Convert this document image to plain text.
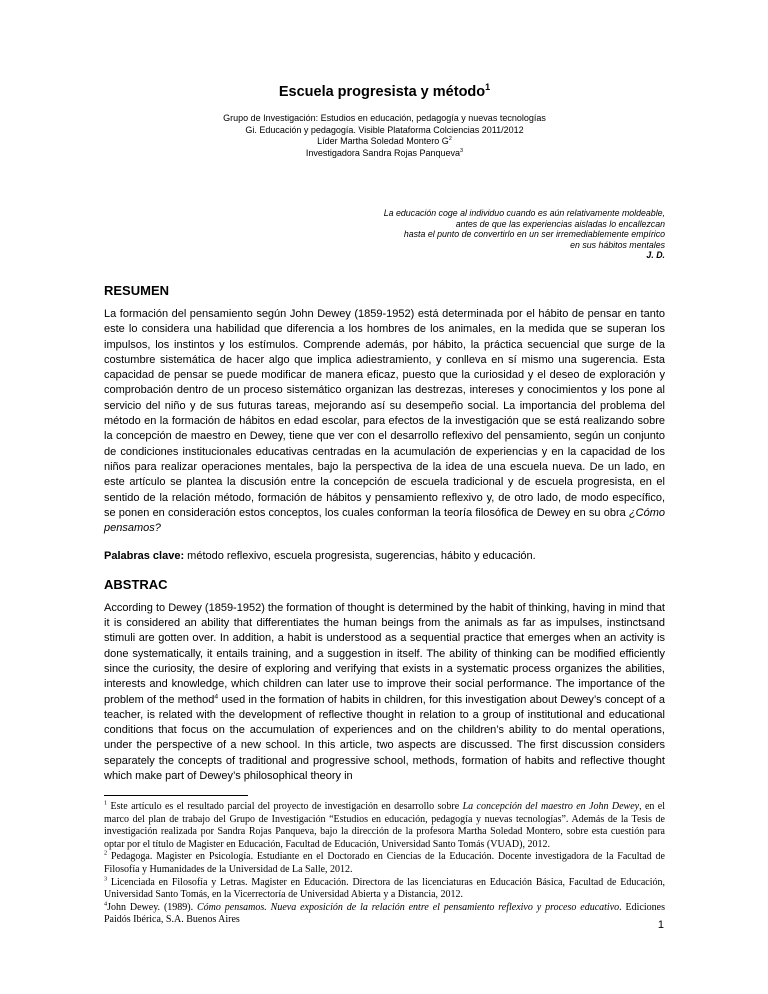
Escuela progresista y método$^1$
Grupo de Investigación: Estudios en educación, pedagogía y nuevas tecnologías
Gi. Educación y pedagogía. Visible Plataforma Colciencias 2011/2012
Líder Martha Soledad Montero $G^2$
Investigadora Sandra Rojas Panqueva$^3$
La educación coge al individuo cuando es aún relativamente moldeable,
antes de que las experiencias aisladas lo encallezcan
hasta el punto de convertirlo en un ser irremediablemente empírico
en sus hábitos mentales
J. D.
RESUMEN

La formación del pensamiento según John Dewey (1859-1952) está determinada por el hábito de pensar en tanto este lo considera una habilidad que diferencia a los hombres de los animales, en la medida que se superan los impulsos, los instintos y los estímulos. Comprende además, por hábito, la práctica secuencial que surge de la costumbre sistemática de hacer algo que implica adiestramiento, y conlleva en sí mismo una sugerencia. Esta capacidad de pensar se puede modificar de manera eficaz, puesto que la curiosidad y el deseo de exploración y comprobación dentro de un proceso sistemático organizan las destrezas, intereses y conocimientos y los pone al servicio del niño y de sus futuras tareas, mejorando así su desempeño social. La importancia del problema del método en la formación de hábitos en edad escolar, para efectos de la investigación que se está realizando sobre la concepción de maestro en Dewey, tiene que ver con el desarrollo reflexivo del pensamiento, según un conjunto de condiciones institucionales educativas centradas en la acumulación de experiencias y en la capacidad de los niños para realizar operaciones mentales, bajo la perspectiva de la idea de una escuela nueva. De un lado, en este artículo se plantea la discusión entre la concepción de escuela tradicional y de escuela progresista, en el sentido de la relación método, formación de hábitos y pensamiento reflexivo y, de otro lado, de modo específico, se ponen en consideración estos conceptos, los cuales conforman la teoría filosófica de Dewey en su obra ¿Cómo pensamos?

Palabras clave: método reflexivo, escuela progresista, sugerencias, hábito y educación.

ABSTRAC

According to Dewey (1859-1952) the formation of thought is determined by the habit of thinking, having in mind that it is considered an ability that differentiates the human beings from the animals as far as impulses, instinctsand stimuli are gotten over. In addition, a habit is understood as a sequential practice that emerges when an activity is done systematically, it entails training, and a suggestion in itself. The ability of thinking can be modified efficiently since the curiosity, the desire of exploring and verifying that exists in a systematic process organizes the abilities, interests and knowledge, which children can later use to improve their social performance. The importance of the problem of the method$^4$ used in the formation of habits in children, for this investigation about Dewey’s concept of a teacher, is related with the development of reflective thought in relation to a group of institutional and educational conditions that focus on the accumulation of experiences and on the children’s ability to do mental operations, under the perspective of a new school. In this article, two aspects are discussed. The first discussion considers separately the concepts of traditional and progressive school, methods, formation of habits and reflective thought which make part of Dewey’s philosophical theory in

$^1$ Este artículo es el resultado parcial del proyecto de investigación en desarrollo sobre La concepción del maestro en John Dewey, en el marco del plan de trabajo del Grupo de Investigación “Estudios en educación, pedagogía y nuevas tecnologías”. Además de la Tesis de investigación realizada por Sandra Rojas Panqueva, bajo la dirección de la profesora Martha Soledad Montero, sobre esta cuestión para optar por el título de Magister en Educación, Facultad de Educación, Universidad Santo Tomás (VUAD), 2012.

$^2$ Pedagoga. Magister en Psicología. Estudiante en el Doctorado en Ciencias de la Educación. Docente investigadora de la Facultad de Filosofía y Humanidades de la Universidad de La Salle, 2012.

$^3$ Licenciada en Filosofía y Letras. Magister en Educación. Directora de las licenciaturas en Educación Básica, Facultad de Educación, Universidad Santo Tomás, en la Vicerrectoría de Universidad Abierta y a Distancia, 2012.

$^4$John Dewey. (1989). Cómo pensamos. Nueva exposición de la relación entre el pensamiento reflexivo y proceso educativo. Ediciones Paidós Ibérica, S.A. Buenos Aires	1
